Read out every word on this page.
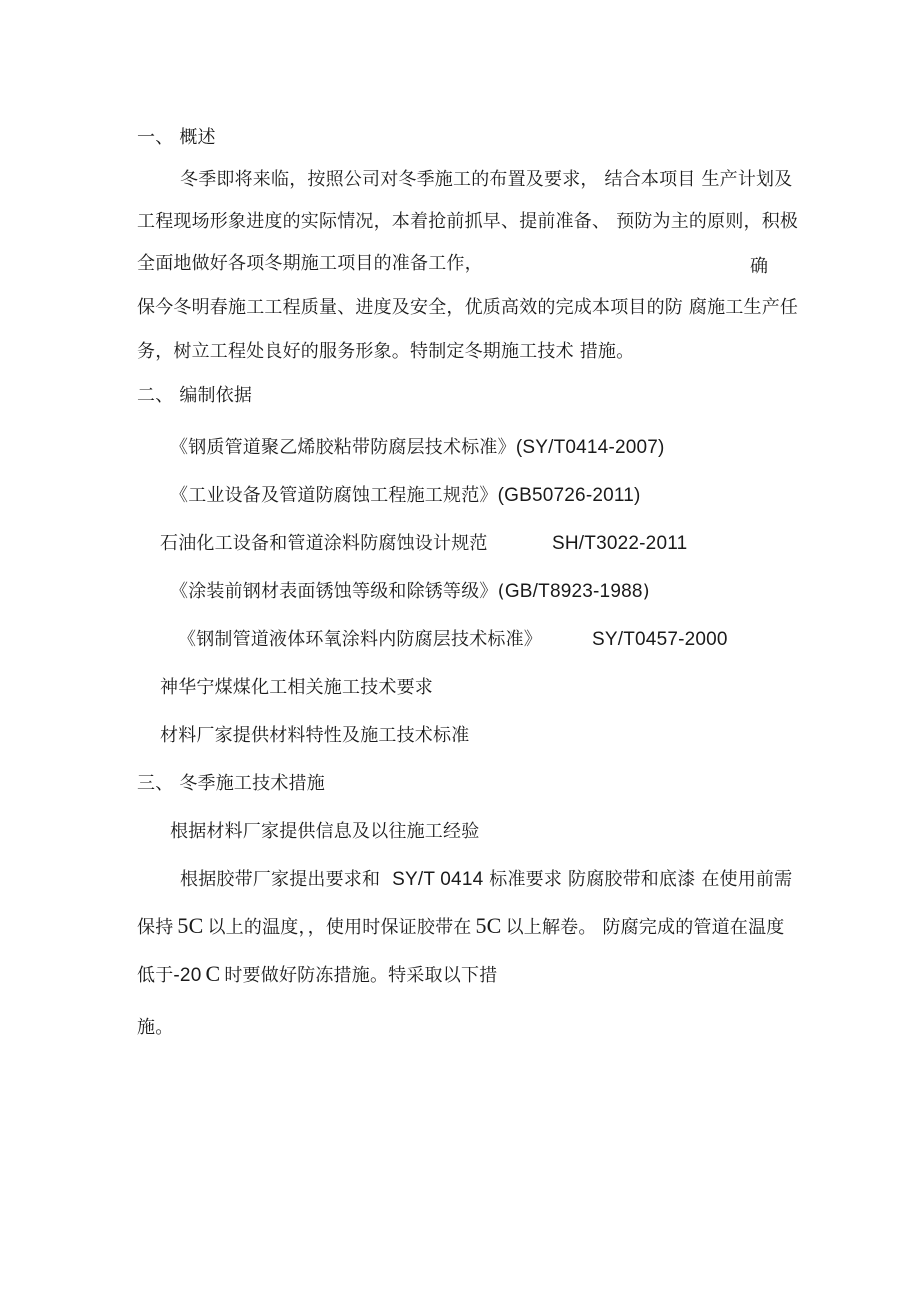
一、 概述
冬季即将来临，按照公司对冬季施工的布置及要求， 结合本项目 生产计划及
工程现场形象进度的实际情况，本着抢前抓早、提前准备、 预防为主的原则，积极
全面地做好各项冬期施工项目的准备工作，	确
保今冬明春施工工程质量、进度及安全，优质高效的完成本项目的防 腐施工生产任
务，树立工程处良好的服务形象。特制定冬期施工技术 措施。
二、 编制依据
《钢质管道聚乙烯胶粘带防腐层技术标准》(SY/T0414-2007)
《工业设备及管道防腐蚀工程施工规范》(GB50726-2011)
石油化工设备和管道涂料防腐蚀设计规范	SH/T3022-2011
《涂装前钢材表面锈蚀等级和除锈等级》(GB/T8923-1988)
《钢制管道液体环氧涂料内防腐层技术标准》	SY/T0457-2000
神华宁煤煤化工相关施工技术要求
材料厂家提供材料特性及施工技术标准
三、 冬季施工技术措施
根据材料厂家提供信息及以往施工经验
根据胶带厂家提出要求和 SY/T 0414 标准要求 防腐胶带和底漆 在使用前需
保持 5C 以上的温度，，使用时保证胶带在 5C 以上解卷。 防腐完成的管道在温度
低于-20 C 时要做好防冻措施。特采取以下措
施。
